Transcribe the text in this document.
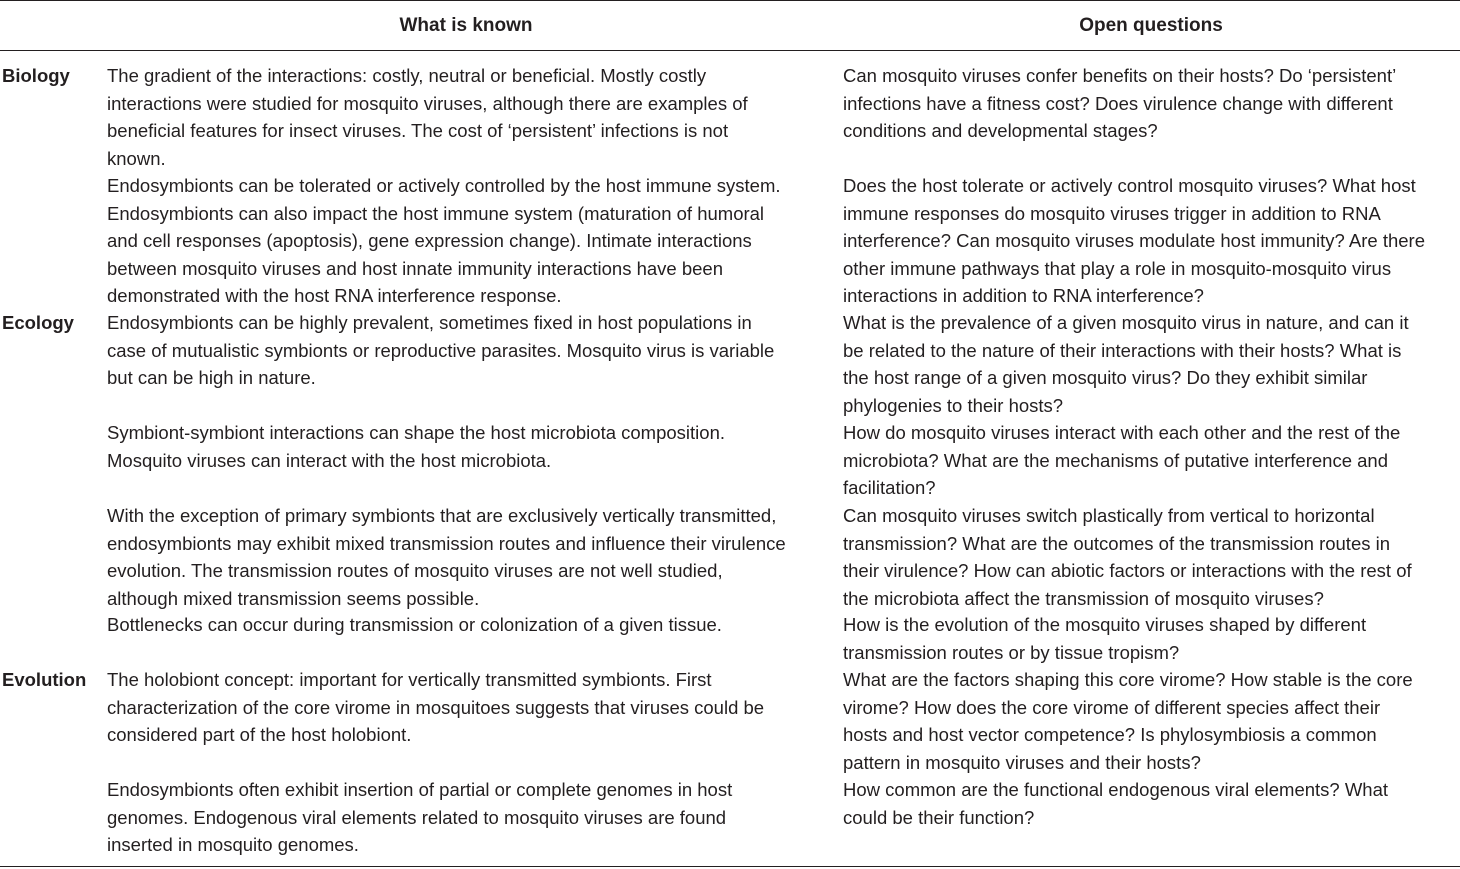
What is known	Open questions
Biology The gradient of the interactions: costly, neutral or beneficial. Mostly costly
interactions were studied for mosquito viruses, although there are examples of
beneficial features for insect viruses. The cost of ‘persistent’ infections is not
known.
Can mosquito viruses confer benefits on their hosts? Do ‘persistent’
infections have a fitness cost? Does virulence change with different
conditions and developmental stages?
Endosymbionts can be tolerated or actively controlled by the host immune system.
Endosymbionts can also impact the host immune system (maturation of humoral
and cell responses (apoptosis), gene expression change). Intimate interactions
between mosquito viruses and host innate immunity interactions have been
demonstrated with the host RNA interference response.
Does the host tolerate or actively control mosquito viruses? What host
immune responses do mosquito viruses trigger in addition to RNA
interference? Can mosquito viruses modulate host immunity? Are there
other immune pathways that play a role in mosquito-mosquito virus
interactions in addition to RNA interference?
Ecology Endosymbionts can be highly prevalent, sometimes fixed in host populations in
case of mutualistic symbionts or reproductive parasites. Mosquito virus is variable
but can be high in nature.
What is the prevalence of a given mosquito virus in nature, and can it
be related to the nature of their interactions with their hosts? What is
the host range of a given mosquito virus? Do they exhibit similar
phylogenies to their hosts?
Symbiont-symbiont interactions can shape the host microbiota composition.
Mosquito viruses can interact with the host microbiota.
How do mosquito viruses interact with each other and the rest of the
microbiota? What are the mechanisms of putative interference and
facilitation?
With the exception of primary symbionts that are exclusively vertically transmitted,
endosymbionts may exhibit mixed transmission routes and influence their virulence
evolution. The transmission routes of mosquito viruses are not well studied,
although mixed transmission seems possible.
Can mosquito viruses switch plastically from vertical to horizontal
transmission? What are the outcomes of the transmission routes in
their virulence? How can abiotic factors or interactions with the rest of
the microbiota affect the transmission of mosquito viruses?
Bottlenecks can occur during transmission or colonization of a given tissue.	How is the evolution of the mosquito viruses shaped by different
transmission routes or by tissue tropism?
Evolution The holobiont concept: important for vertically transmitted symbionts. First
characterization of the core virome in mosquitoes suggests that viruses could be
considered part of the host holobiont.
What are the factors shaping this core virome? How stable is the core
virome? How does the core virome of different species affect their
hosts and host vector competence? Is phylosymbiosis a common
pattern in mosquito viruses and their hosts?
Endosymbionts often exhibit insertion of partial or complete genomes in host
genomes. Endogenous viral elements related to mosquito viruses are found
inserted in mosquito genomes.
How common are the functional endogenous viral elements? What
could be their function?
